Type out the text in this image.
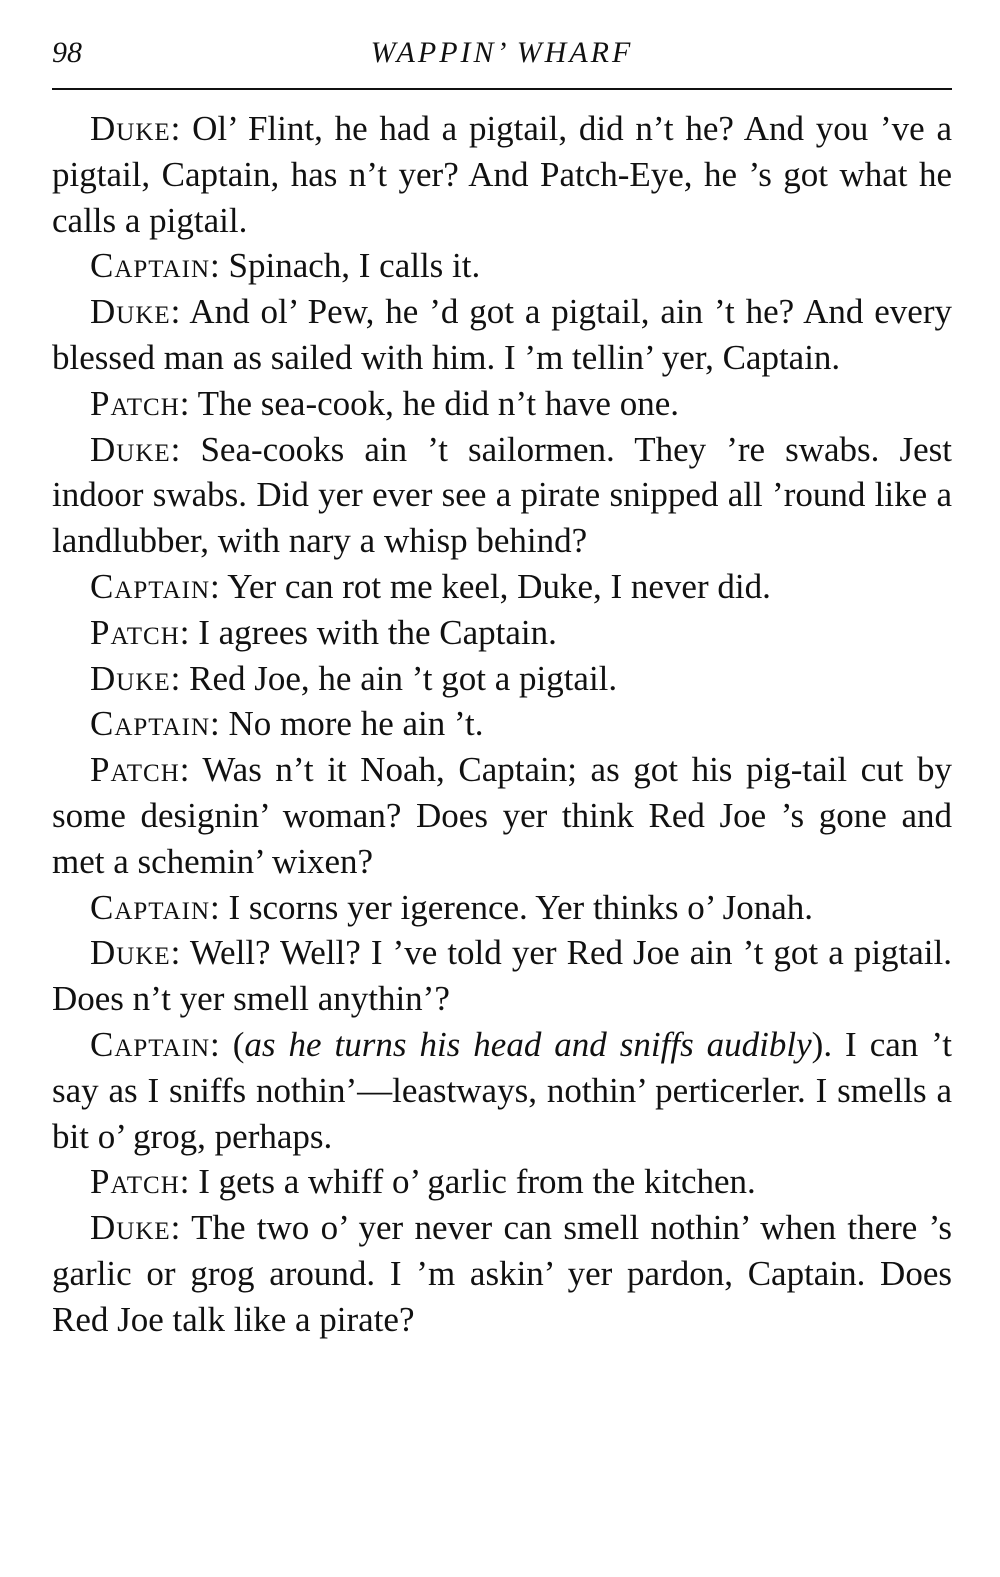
98	WAPPIN’ WHARF

Duke: Ol’ Flint, he had a pigtail, did n’t he? And you ’ve a pigtail, Captain, has n’t yer? And Patch-Eye, he ’s got what he calls a pigtail.

Captain: Spinach, I calls it.

Duke: And ol’ Pew, he ’d got a pigtail, ain ’t he? And every blessed man as sailed with him. I ’m tellin’ yer, Captain.

Patch: The sea-cook, he did n’t have one.

Duke: Sea-cooks ain ’t sailormen. They ’re swabs. Jest indoor swabs. Did yer ever see a pirate snipped all ’round like a landlubber, with nary a whisp behind?

Captain: Yer can rot me keel, Duke, I never did.

Patch: I agrees with the Captain.

Duke: Red Joe, he ain ’t got a pigtail.

Captain: No more he ain ’t.

Patch: Was n’t it Noah, Captain; as got his pig-tail cut by some designin’ woman? Does yer think Red Joe ’s gone and met a schemin’ wixen?

Captain: I scorns yer igerence. Yer thinks o’ Jonah.

Duke: Well? Well? I ’ve told yer Red Joe ain ’t got a pigtail. Does n’t yer smell anythin’?

Captain: (as he turns his head and sniffs audibly). I can ’t say as I sniffs nothin’—leastways, nothin’ perticerler. I smells a bit o’ grog, perhaps.

Patch: I gets a whiff o’ garlic from the kitchen.

Duke: The two o’ yer never can smell nothin’ when there ’s garlic or grog around. I ’m askin’ yer pardon, Captain. Does Red Joe talk like a pirate?
